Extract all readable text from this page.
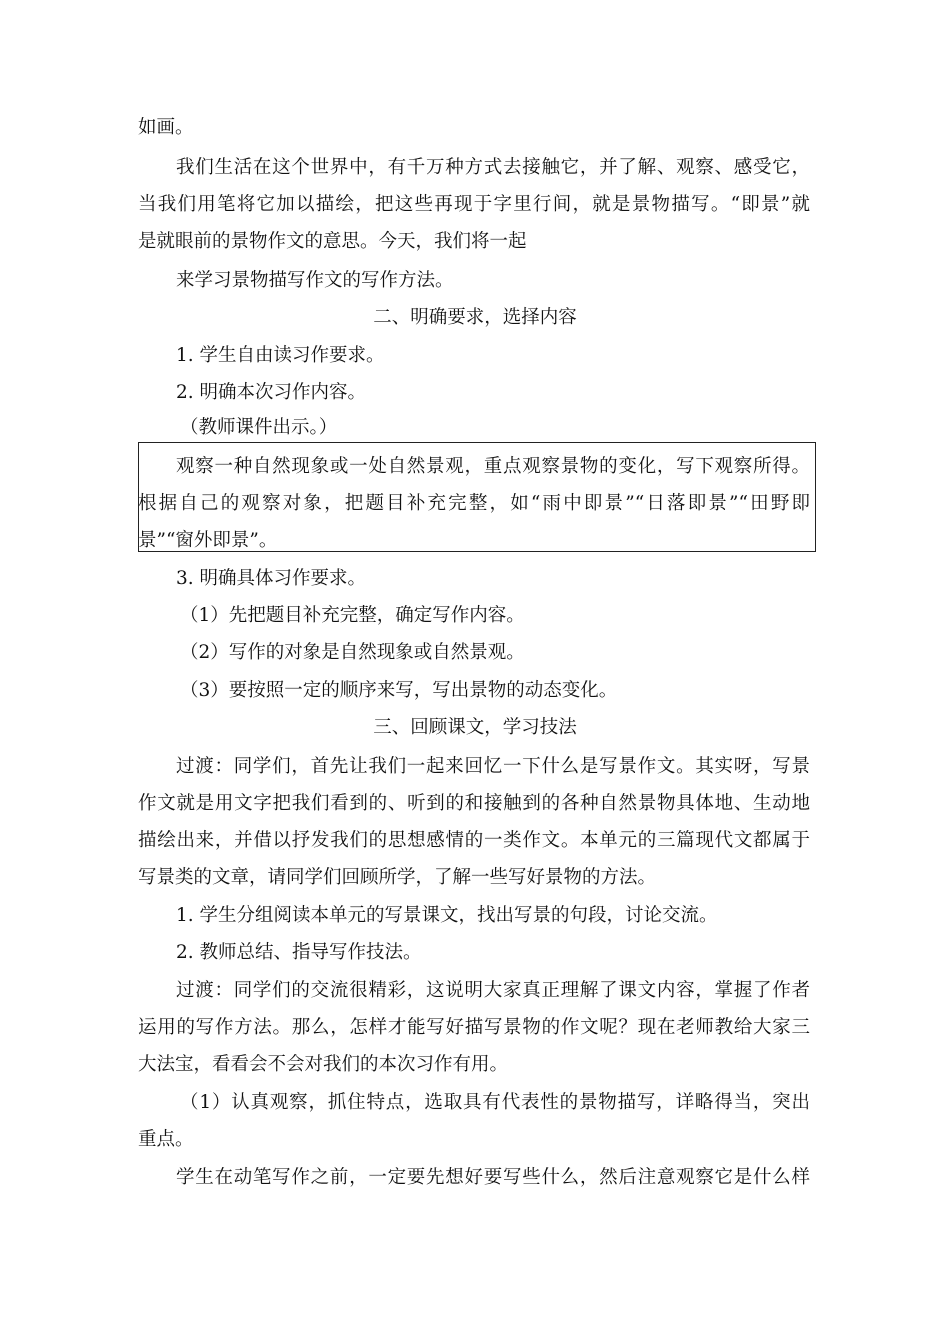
如画。
我们生活在这个世界中，有千万种方式去接触它，并了解、观察、感受它，
当我们用笔将它加以描绘，把这些再现于字里行间，就是景物描写。“即景”就
是就眼前的景物作文的意思。今天，我们将一起
来学习景物描写作文的写作方法。
二、明确要求，选择内容
1. 学生自由读习作要求。
2. 明确本次习作内容。
（教师课件出示。）
观察一种自然现象或一处自然景观，重点观察景物的变化，写下观察所得。
根据自己的观察对象，把题目补充完整，如“雨中即景”“日落即景”“田野即
景”“窗外即景”。
3. 明确具体习作要求。
（1）先把题目补充完整，确定写作内容。
（2）写作的对象是自然现象或自然景观。
（3）要按照一定的顺序来写，写出景物的动态变化。
三、回顾课文，学习技法
过渡：同学们，首先让我们一起来回忆一下什么是写景作文。其实呀，写景
作文就是用文字把我们看到的、听到的和接触到的各种自然景物具体地、生动地
描绘出来，并借以抒发我们的思想感情的一类作文。本单元的三篇现代文都属于
写景类的文章，请同学们回顾所学，了解一些写好景物的方法。
1. 学生分组阅读本单元的写景课文，找出写景的句段，讨论交流。
2. 教师总结、指导写作技法。
过渡：同学们的交流很精彩，这说明大家真正理解了课文内容，掌握了作者
运用的写作方法。那么，怎样才能写好描写景物的作文呢？现在老师教给大家三
大法宝，看看会不会对我们的本次习作有用。
（1）认真观察，抓住特点，选取具有代表性的景物描写，详略得当，突出
重点。
学生在动笔写作之前，一定要先想好要写些什么，然后注意观察它是什么样
